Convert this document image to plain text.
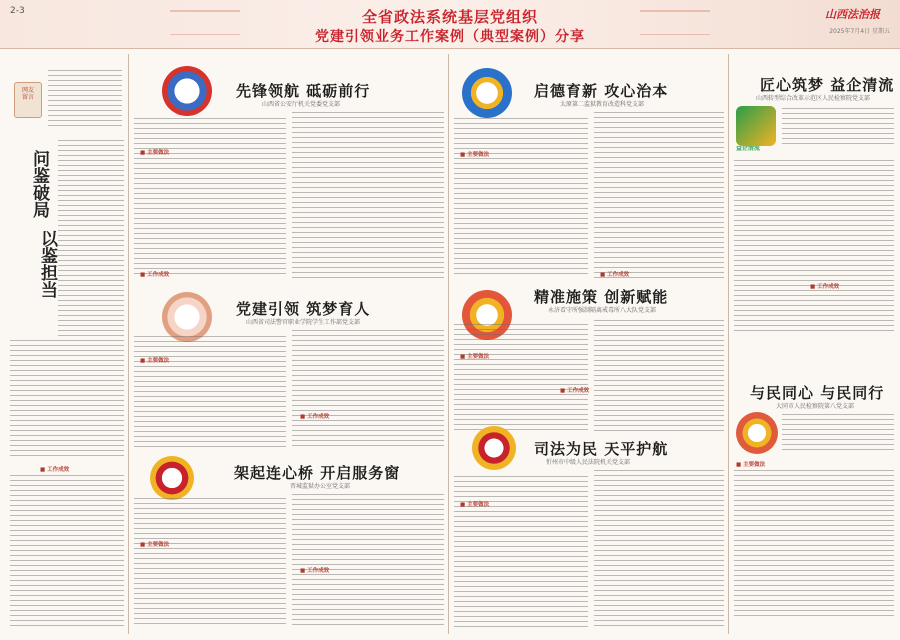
2-3	全省政法系统基层党组织
党建引领业务工作案例（典型案例）分享
山西法治报
2025年7月4日 星期五
网友
留言
问鉴破局
以鉴担当
■ 工作成效
先锋领航 砥砺前行
山西省公安厅机关党委党支部
■ 主要做法
启德育新 攻心治本
太原第二监狱教育改造科党支部
■ 主要做法
匠心筑梦 益企清流
山西转型综合改革示范区人民检察院党支部
益企清流
党建引领 筑梦育人
山西省司法警官职业学院学生工作部党支部
■ 主要做法
精准施策 创新赋能
永济看守所强制隔离戒毒所八大队党支部
■ 主要做法
与民同心 与民同行
大同市人民检察院第八党支部
■ 主要做法
架起连心桥 开启服务窗
晋城监狱办公室党支部
■ 主要做法
司法为民 天平护航
忻州市中级人民法院机关党支部
■ 主要做法
■ 工作成效	■ 工作成效
■ 工作成效
■ 工作成效
■ 工作成效
■ 工作成效
